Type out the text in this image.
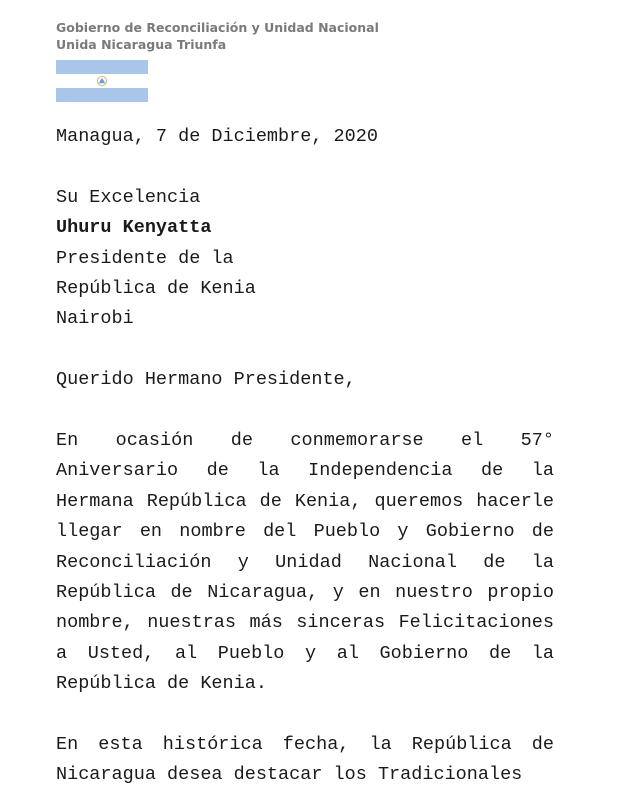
Gobierno de Reconciliación y Unidad Nacional
Unida Nicaragua Triunfa

Managua, 7 de Diciembre, 2020

Su Excelencia

Uhuru Kenyatta

Presidente de la

República de Kenia

Nairobi

Querido Hermano Presidente,

En ocasión de conmemorarse el 57° Aniversario de la Independencia de la Hermana República de Kenia, queremos hacerle llegar en nombre del Pueblo y Gobierno de Reconciliación y Unidad Nacional de la República de Nicaragua, y en nuestro propio nombre, nuestras más sinceras Felicitaciones a Usted, al Pueblo y al Gobierno de la República de Kenia.

En esta histórica fecha, la República de Nicaragua desea destacar los Tradicionales
